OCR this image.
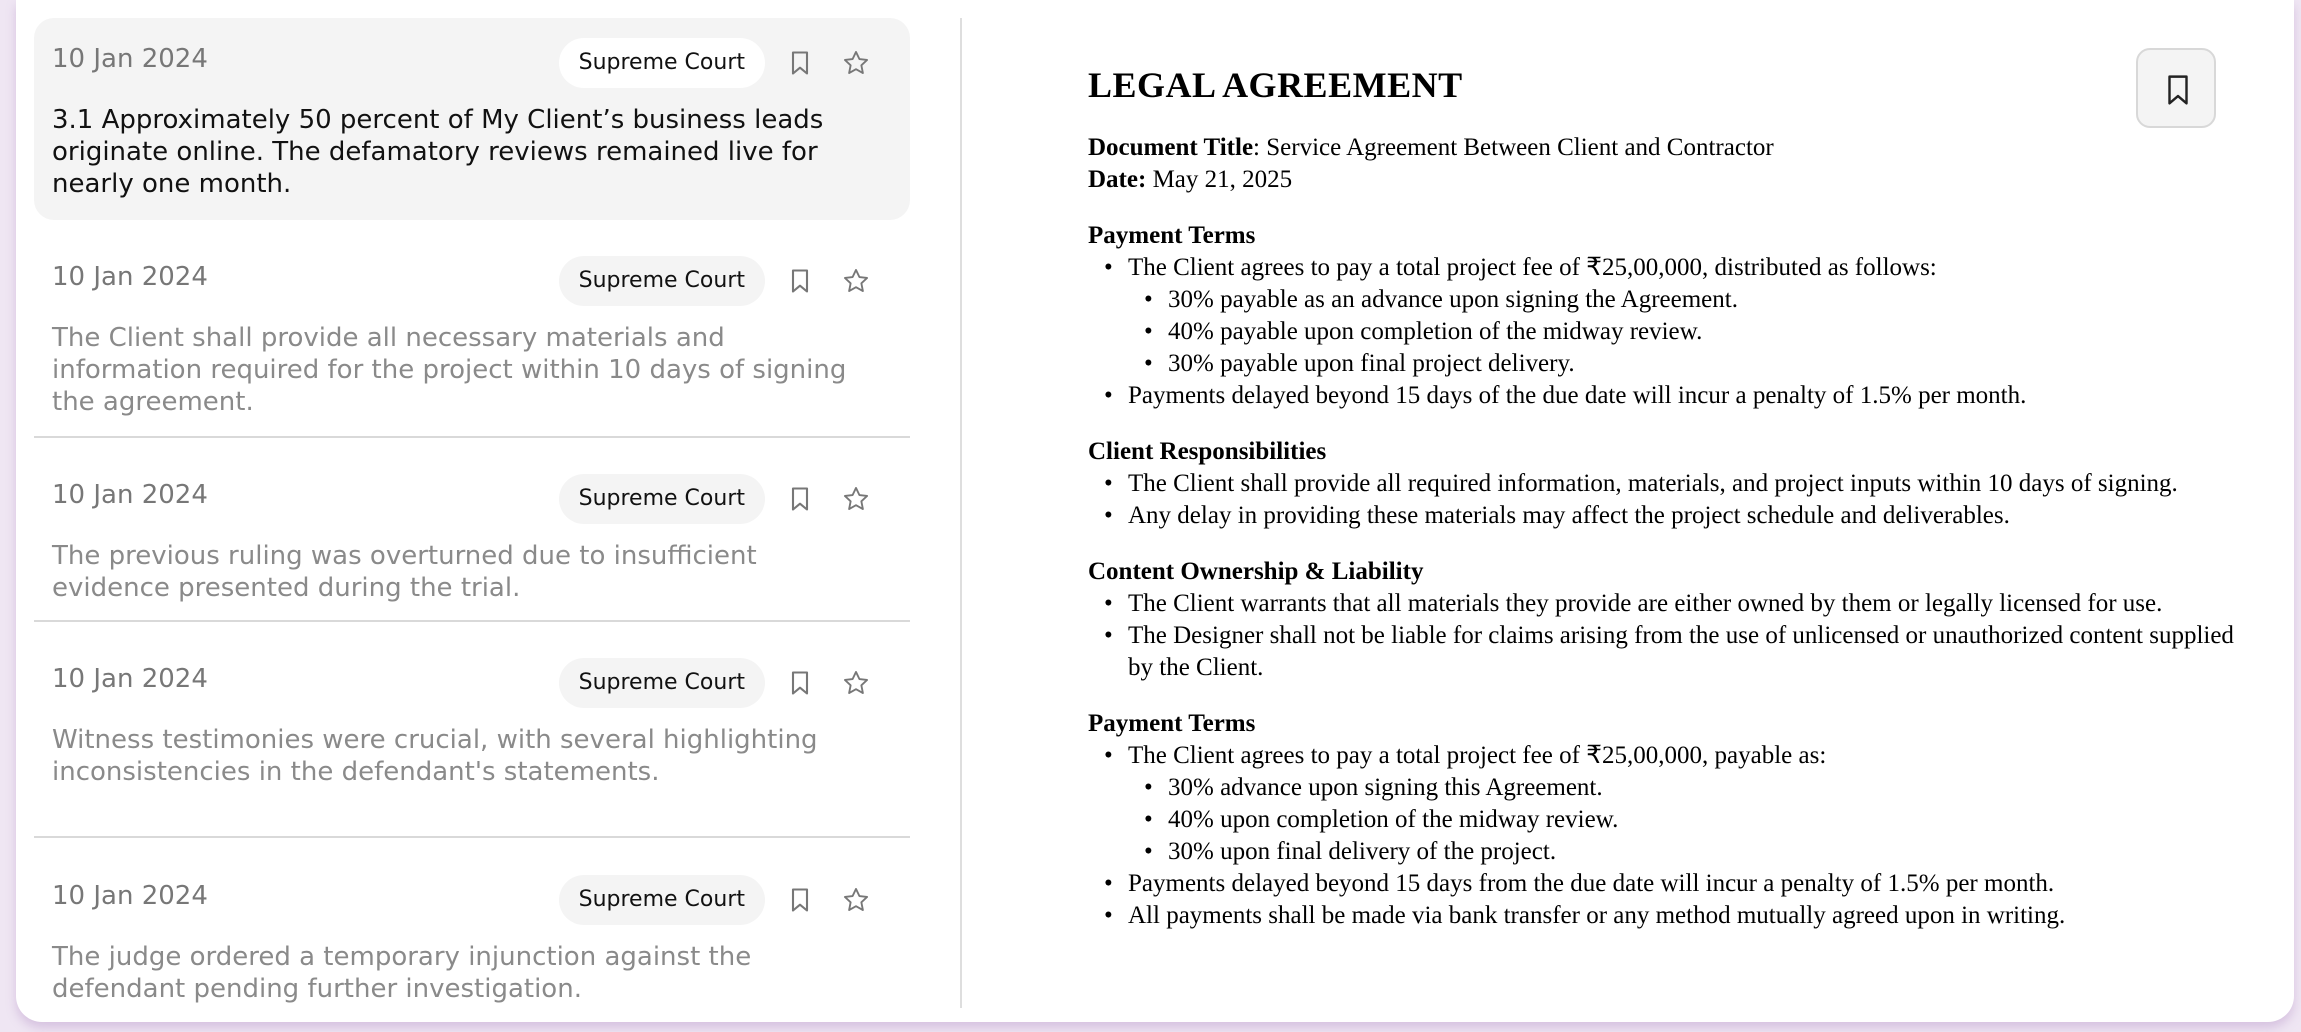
10 Jan 2024	Supreme Court
3.1 Approximately 50 percent of My Client’s business leads originate online. The defamatory reviews remained live for nearly one month.
10 Jan 2024	Supreme Court
The Client shall provide all necessary materials and information required for the project within 10 days of signing the agreement.
10 Jan 2024	Supreme Court
The previous ruling was overturned due to insufficient evidence presented during the trial.
10 Jan 2024	Supreme Court
Witness testimonies were crucial, with several highlighting inconsistencies in the defendant's statements.
10 Jan 2024	Supreme Court
The judge ordered a temporary injunction against the defendant pending further investigation.
LEGAL AGREEMENT
Document Title: Service Agreement Between Client and Contractor
Date: May 21, 2025
Payment Terms
• The Client agrees to pay a total project fee of ₹25,00,000, distributed as follows:
• 30% payable as an advance upon signing the Agreement.
• 40% payable upon completion of the midway review.
• 30% payable upon final project delivery.
• Payments delayed beyond 15 days of the due date will incur a penalty of 1.5% per month.
Client Responsibilities
• The Client shall provide all required information, materials, and project inputs within 10 days of signing.
• Any delay in providing these materials may affect the project schedule and deliverables.
Content Ownership & Liability
• The Client warrants that all materials they provide are either owned by them or legally licensed for use.
• The Designer shall not be liable for claims arising from the use of unlicensed or unauthorized content supplied by the Client.
Payment Terms
• The Client agrees to pay a total project fee of ₹25,00,000, payable as:
• 30% advance upon signing this Agreement.
• 40% upon completion of the midway review.
• 30% upon final delivery of the project.
• Payments delayed beyond 15 days from the due date will incur a penalty of 1.5% per month.
• All payments shall be made via bank transfer or any method mutually agreed upon in writing.
